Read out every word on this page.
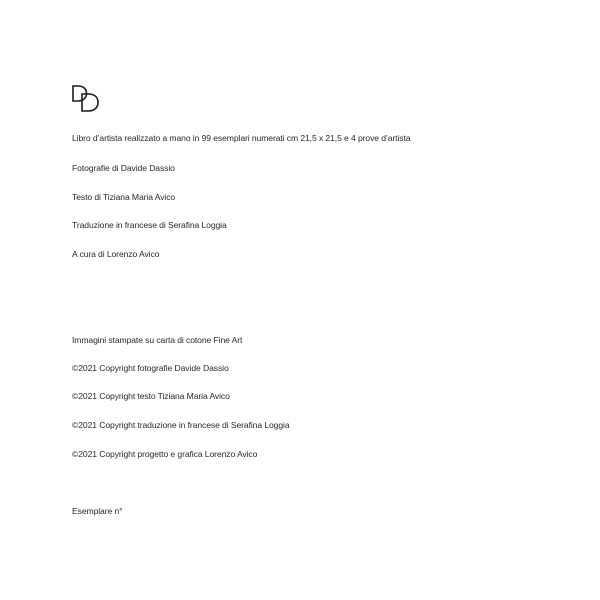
Libro d’artista realizzato a mano in 99 esemplari numerati cm 21,5 x 21,5 e 4 prove d’artista
Fotografie di Davide Dassio
Testo di Tiziana Maria Avico
Traduzione in francese di Serafina Loggia
A cura di Lorenzo Avico
Immagini stampate su carta di cotone Fine Art
©2021 Copyright fotografie Davide Dassio
©2021 Copyright testo Tiziana Maria Avico
©2021 Copyright traduzione in francese di Serafina Loggia
©2021 Copyright progetto e grafica Lorenzo Avico
Esemplare n°
